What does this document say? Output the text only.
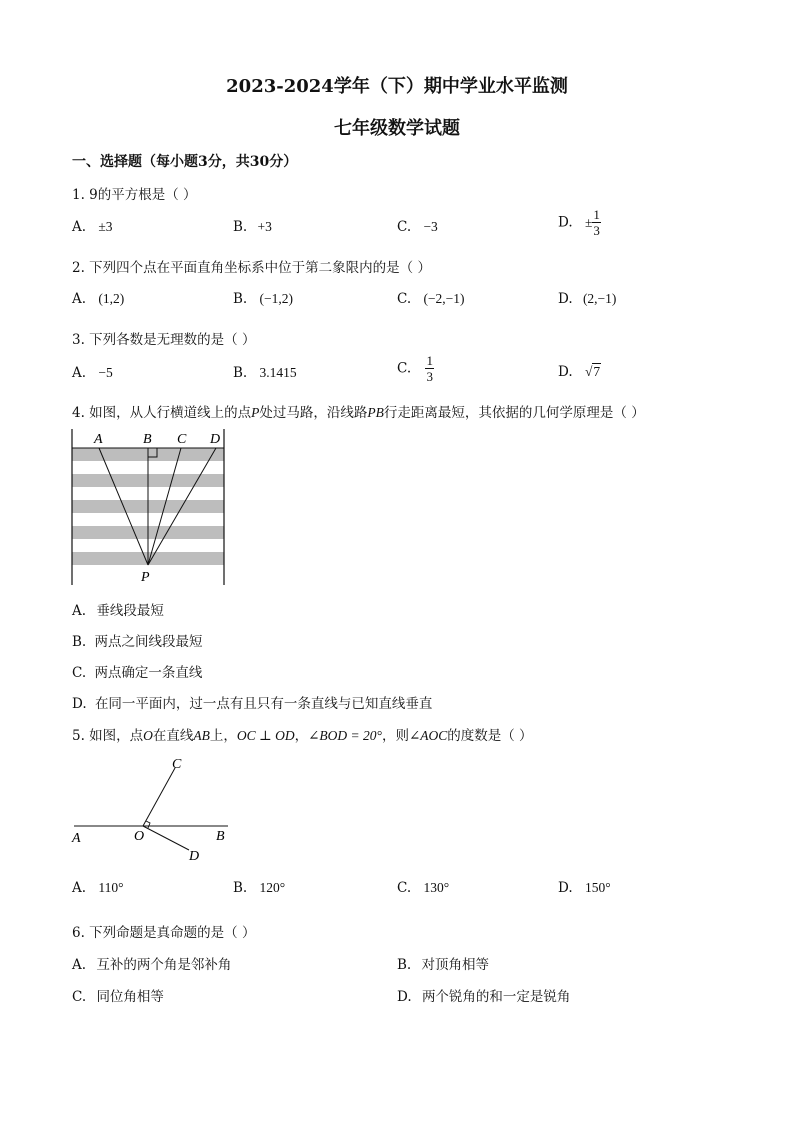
2023-2024学年（下）期中学业水平监测
七年级数学试题
一、选择题（每小题3分，共30分）
1. 9的平方根是（ ）
A. ±3	B. +3	C. −3	D. ± $\frac{1}{3}$
2. 下列四个点在平面直角坐标系中位于第二象限内的是（ ）
A. (1,2)	B. (−1,2)	C. (−2,−1)	D. (2,−1)
3. 下列各数是无理数的是（ ）
A. −5	B. 3.1415	C. $\frac{1}{3}$	D. √7
4. 如图，从人行横道线上的点P处过马路，沿线路PB行走距离最短，其依据的几何学原理是（ ）
A	B C D
P
A. 垂线段最短
B. 两点之间线段最短
C. 两点确定一条直线
D. 在同一平面内，过一点有且只有一条直线与已知直线垂直
5. 如图，点O在直线AB上，OC ⊥ OD，∠BOD = 20°，则∠AOC的度数是（ ）
A	B
C
D
O
A. 110°	B. 120°	C. 130°	D. 150°
6. 下列命题是真命题的是（ ）
A. 互补的两个角是邻补角	B. 对顶角相等
C. 同位角相等	D. 两个锐角的和一定是锐角
